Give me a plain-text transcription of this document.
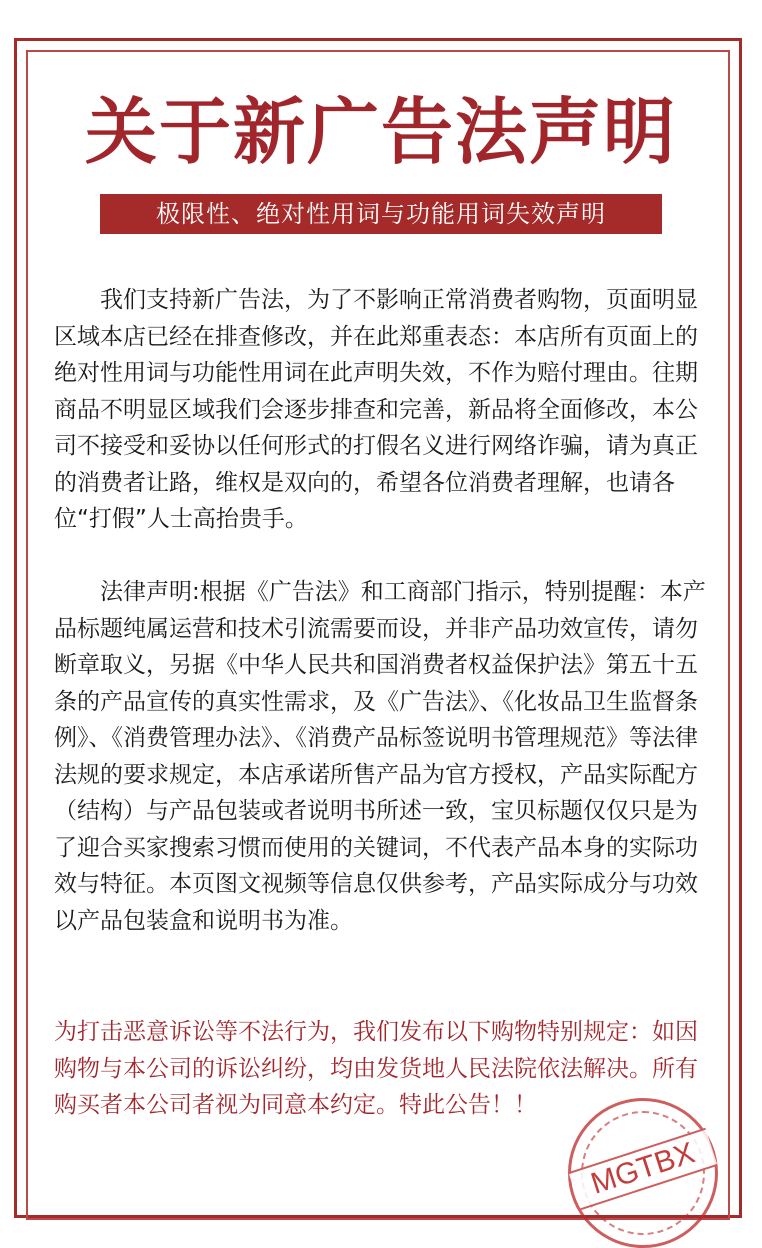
关于新广告法声明
极限性、绝对性用词与功能用词失效声明

我们支持新广告法，为了不影响正常消费者购物，页面明显区域本店已经在排查修改，并在此郑重表态：本店所有页面上的绝对性用词与功能性用词在此声明失效，不作为赔付理由。往期商品不明显区域我们会逐步排查和完善，新品将全面修改，本公司不接受和妥协以任何形式的打假名义进行网络诈骗，请为真正的消费者让路，维权是双向的，希望各位消费者理解，也请各位“打假”人士高抬贵手。

法律声明:根据《广告法》和工商部门指示，特别提醒：本产品标题纯属运营和技术引流需要而设，并非产品功效宣传，请勿断章取义，另据《中华人民共和国消费者权益保护法》第五十五条的产品宣传的真实性需求，及《广告法》、《化妆品卫生监督条例》、《消费管理办法》、《消费产品标签说明书管理规范》等法律法规的要求规定，本店承诺所售产品为官方授权，产品实际配方（结构）与产品包装或者说明书所述一致，宝贝标题仅仅只是为了迎合买家搜索习惯而使用的关键词，不代表产品本身的实际功效与特征。本页图文视频等信息仅供参考，产品实际成分与功效以产品包装盒和说明书为准。

为打击恶意诉讼等不法行为，我们发布以下购物特别规定：如因购物与本公司的诉讼纠纷，均由发货地人民法院依法解决。所有购买者本公司者视为同意本约定。特此公告！！

MGTBX
